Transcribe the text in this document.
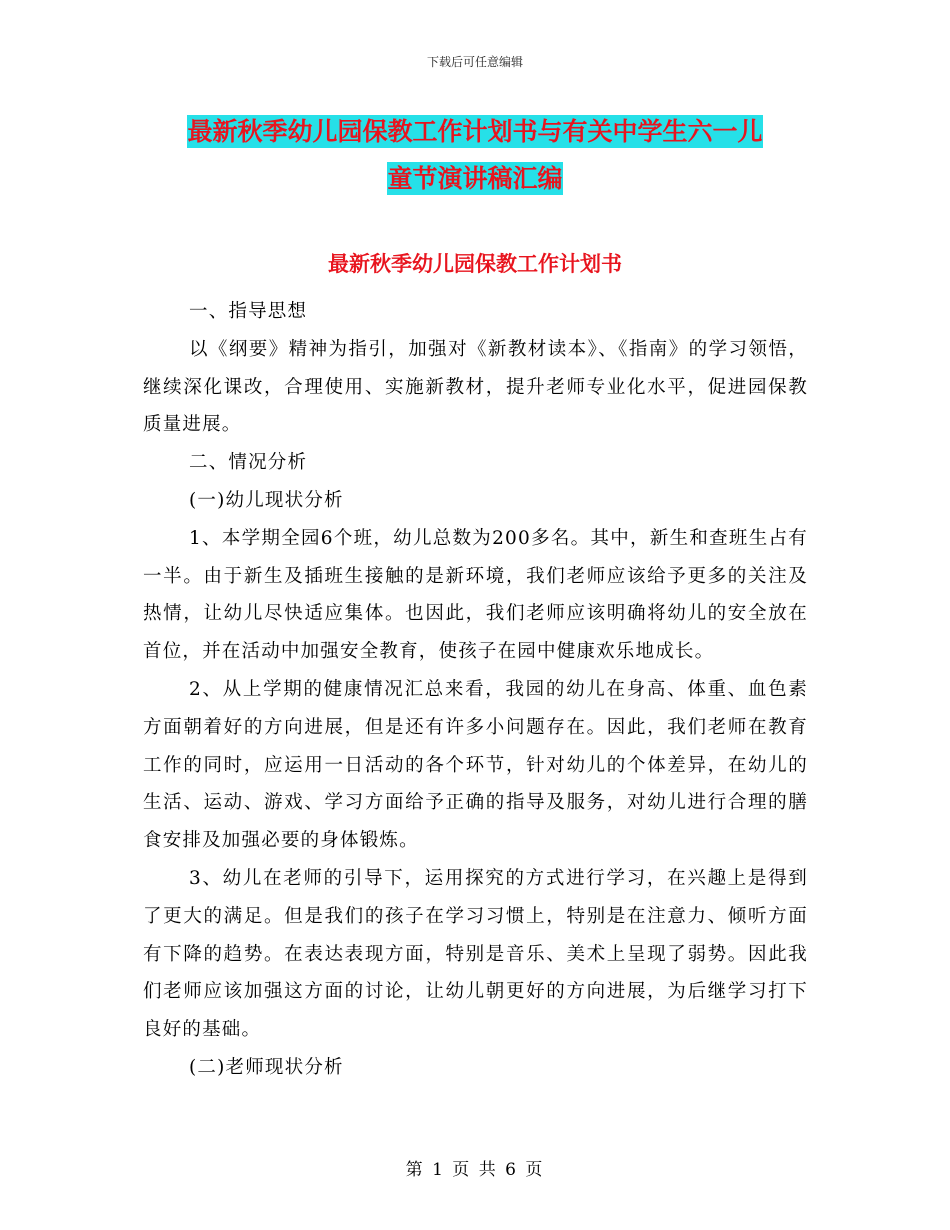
下载后可任意编辑
最新秋季幼儿园保教工作计划书与有关中学生六一儿
童节演讲稿汇编
最新秋季幼儿园保教工作计划书

一、指导思想

以《纲要》精神为指引，加强对《新教材读本》、《指南》的学习领悟，继续深化课改，合理使用、实施新教材，提升老师专业化水平，促进园保教质量进展。

二、情况分析

(一)幼儿现状分析

1、本学期全园6个班，幼儿总数为200多名。其中，新生和查班生占有一半。由于新生及插班生接触的是新环境，我们老师应该给予更多的关注及热情，让幼儿尽快适应集体。也因此，我们老师应该明确将幼儿的安全放在首位，并在活动中加强安全教育，使孩子在园中健康欢乐地成长。

2、从上学期的健康情况汇总来看，我园的幼儿在身高、体重、血色素方面朝着好的方向进展，但是还有许多小问题存在。因此，我们老师在教育工作的同时，应运用一日活动的各个环节，针对幼儿的个体差异，在幼儿的生活、运动、游戏、学习方面给予正确的指导及服务，对幼儿进行合理的膳食安排及加强必要的身体锻炼。

3、幼儿在老师的引导下，运用探究的方式进行学习，在兴趣上是得到了更大的满足。但是我们的孩子在学习习惯上，特别是在注意力、倾听方面有下降的趋势。在表达表现方面，特别是音乐、美术上呈现了弱势。因此我们老师应该加强这方面的讨论，让幼儿朝更好的方向进展，为后继学习打下良好的基础。

(二)老师现状分析

第 1 页 共 6 页
